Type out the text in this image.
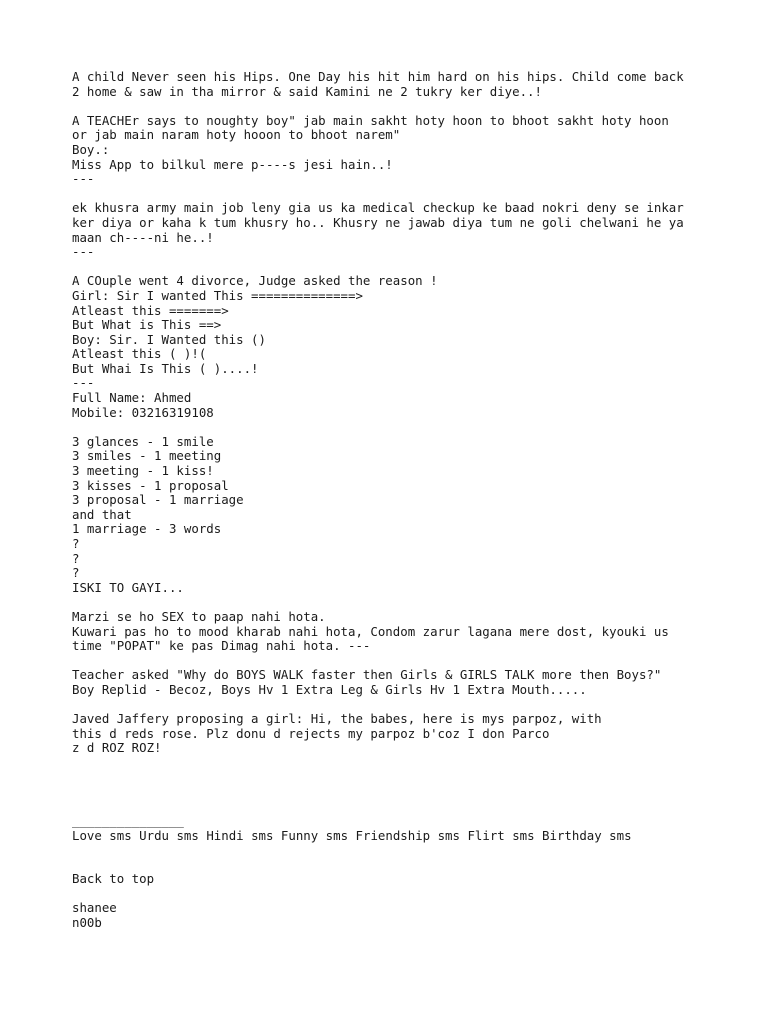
A child Never seen his Hips. One Day his hit him hard on his hips. Child come back
2 home & saw in tha mirror & said Kamini ne 2 tukry ker diye..!
A TEACHEr says to noughty boy" jab main sakht hoty hoon to bhoot sakht hoty hoon
or jab main naram hoty hooon to bhoot narem"
Boy.:
Miss App to bilkul mere p----s jesi hain..!
---
ek khusra army main job leny gia us ka medical checkup ke baad nokri deny se inkar
ker diya or kaha k tum khusry ho.. Khusry ne jawab diya tum ne goli chelwani he ya
maan ch----ni he..!
---
A COuple went 4 divorce, Judge asked the reason !
Girl: Sir I wanted This ==============>
Atleast this =======>
But What is This ==>
Boy: Sir. I Wanted this ()
Atleast this ( )!(
But Whai Is This ( )....!
---
Full Name: Ahmed
Mobile: 03216319108
3 glances - 1 smile
3 smiles - 1 meeting
3 meeting - 1 kiss!
3 kisses - 1 proposal
3 proposal - 1 marriage
and that
1 marriage - 3 words
?
?
?
ISKI TO GAYI...
Marzi se ho SEX to paap nahi hota.
Kuwari pas ho to mood kharab nahi hota, Condom zarur lagana mere dost, kyouki us
time "POPAT" ke pas Dimag nahi hota. ---
Teacher asked "Why do BOYS WALK faster then Girls & GIRLS TALK more then Boys?"
Boy Replid - Becoz, Boys Hv 1 Extra Leg & Girls Hv 1 Extra Mouth.....
Javed Jaffery proposing a girl: Hi, the babes, here is mys parpoz, with
this d reds rose. Plz donu d rejects my parpoz b'coz I don Parco
z d ROZ ROZ!
_______________
Love sms Urdu sms Hindi sms Funny sms Friendship sms Flirt sms Birthday sms
Back to top
shanee
n00b
